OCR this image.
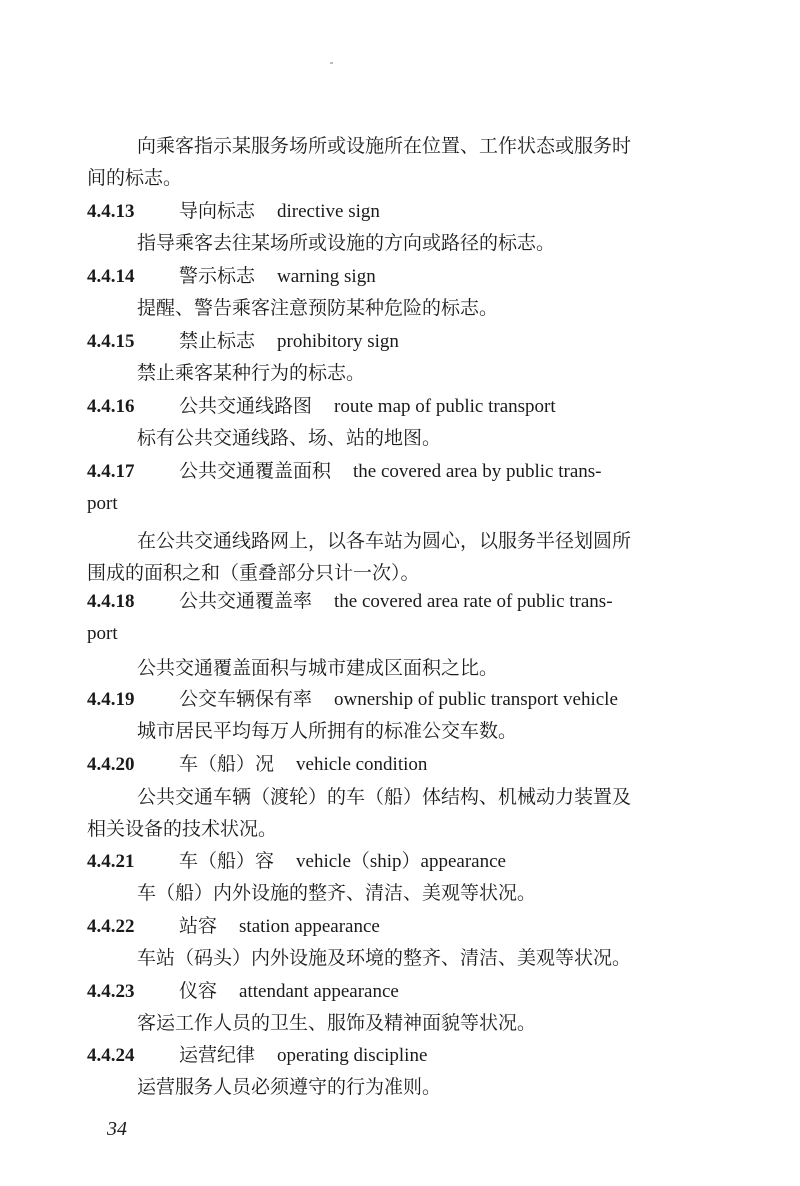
向乘客指示某服务场所或设施所在位置、工作状态或服务时
间的标志。
4.4.13 导向标志 directive sign
指导乘客去往某场所或设施的方向或路径的标志。
4.4.14 警示标志 warning sign
提醒、警告乘客注意预防某种危险的标志。
4.4.15 禁止标志 prohibitory sign
禁止乘客某种行为的标志。
4.4.16 公共交通线路图 route map of public transport
标有公共交通线路、场、站的地图。
4.4.17 公共交通覆盖面积 the covered area by public trans-
port
在公共交通线路网上，以各车站为圆心，以服务半径划圆所
围成的面积之和（重叠部分只计一次）。
4.4.18 公共交通覆盖率 the covered area rate of public trans-
port
公共交通覆盖面积与城市建成区面积之比。
4.4.19 公交车辆保有率 ownership of public transport vehicle
城市居民平均每万人所拥有的标准公交车数。
4.4.20 车（船）况 vehicle condition
公共交通车辆（渡轮）的车（船）体结构、机械动力装置及
相关设备的技术状况。
4.4.21 车（船）容 vehicle（ship）appearance
车（船）内外设施的整齐、清洁、美观等状况。
4.4.22 站容 station appearance
车站（码头）内外设施及环境的整齐、清洁、美观等状况。
4.4.23 仪容 attendant appearance
客运工作人员的卫生、服饰及精神面貌等状况。
4.4.24 运营纪律 operating discipline
运营服务人员必须遵守的行为准则。
34
